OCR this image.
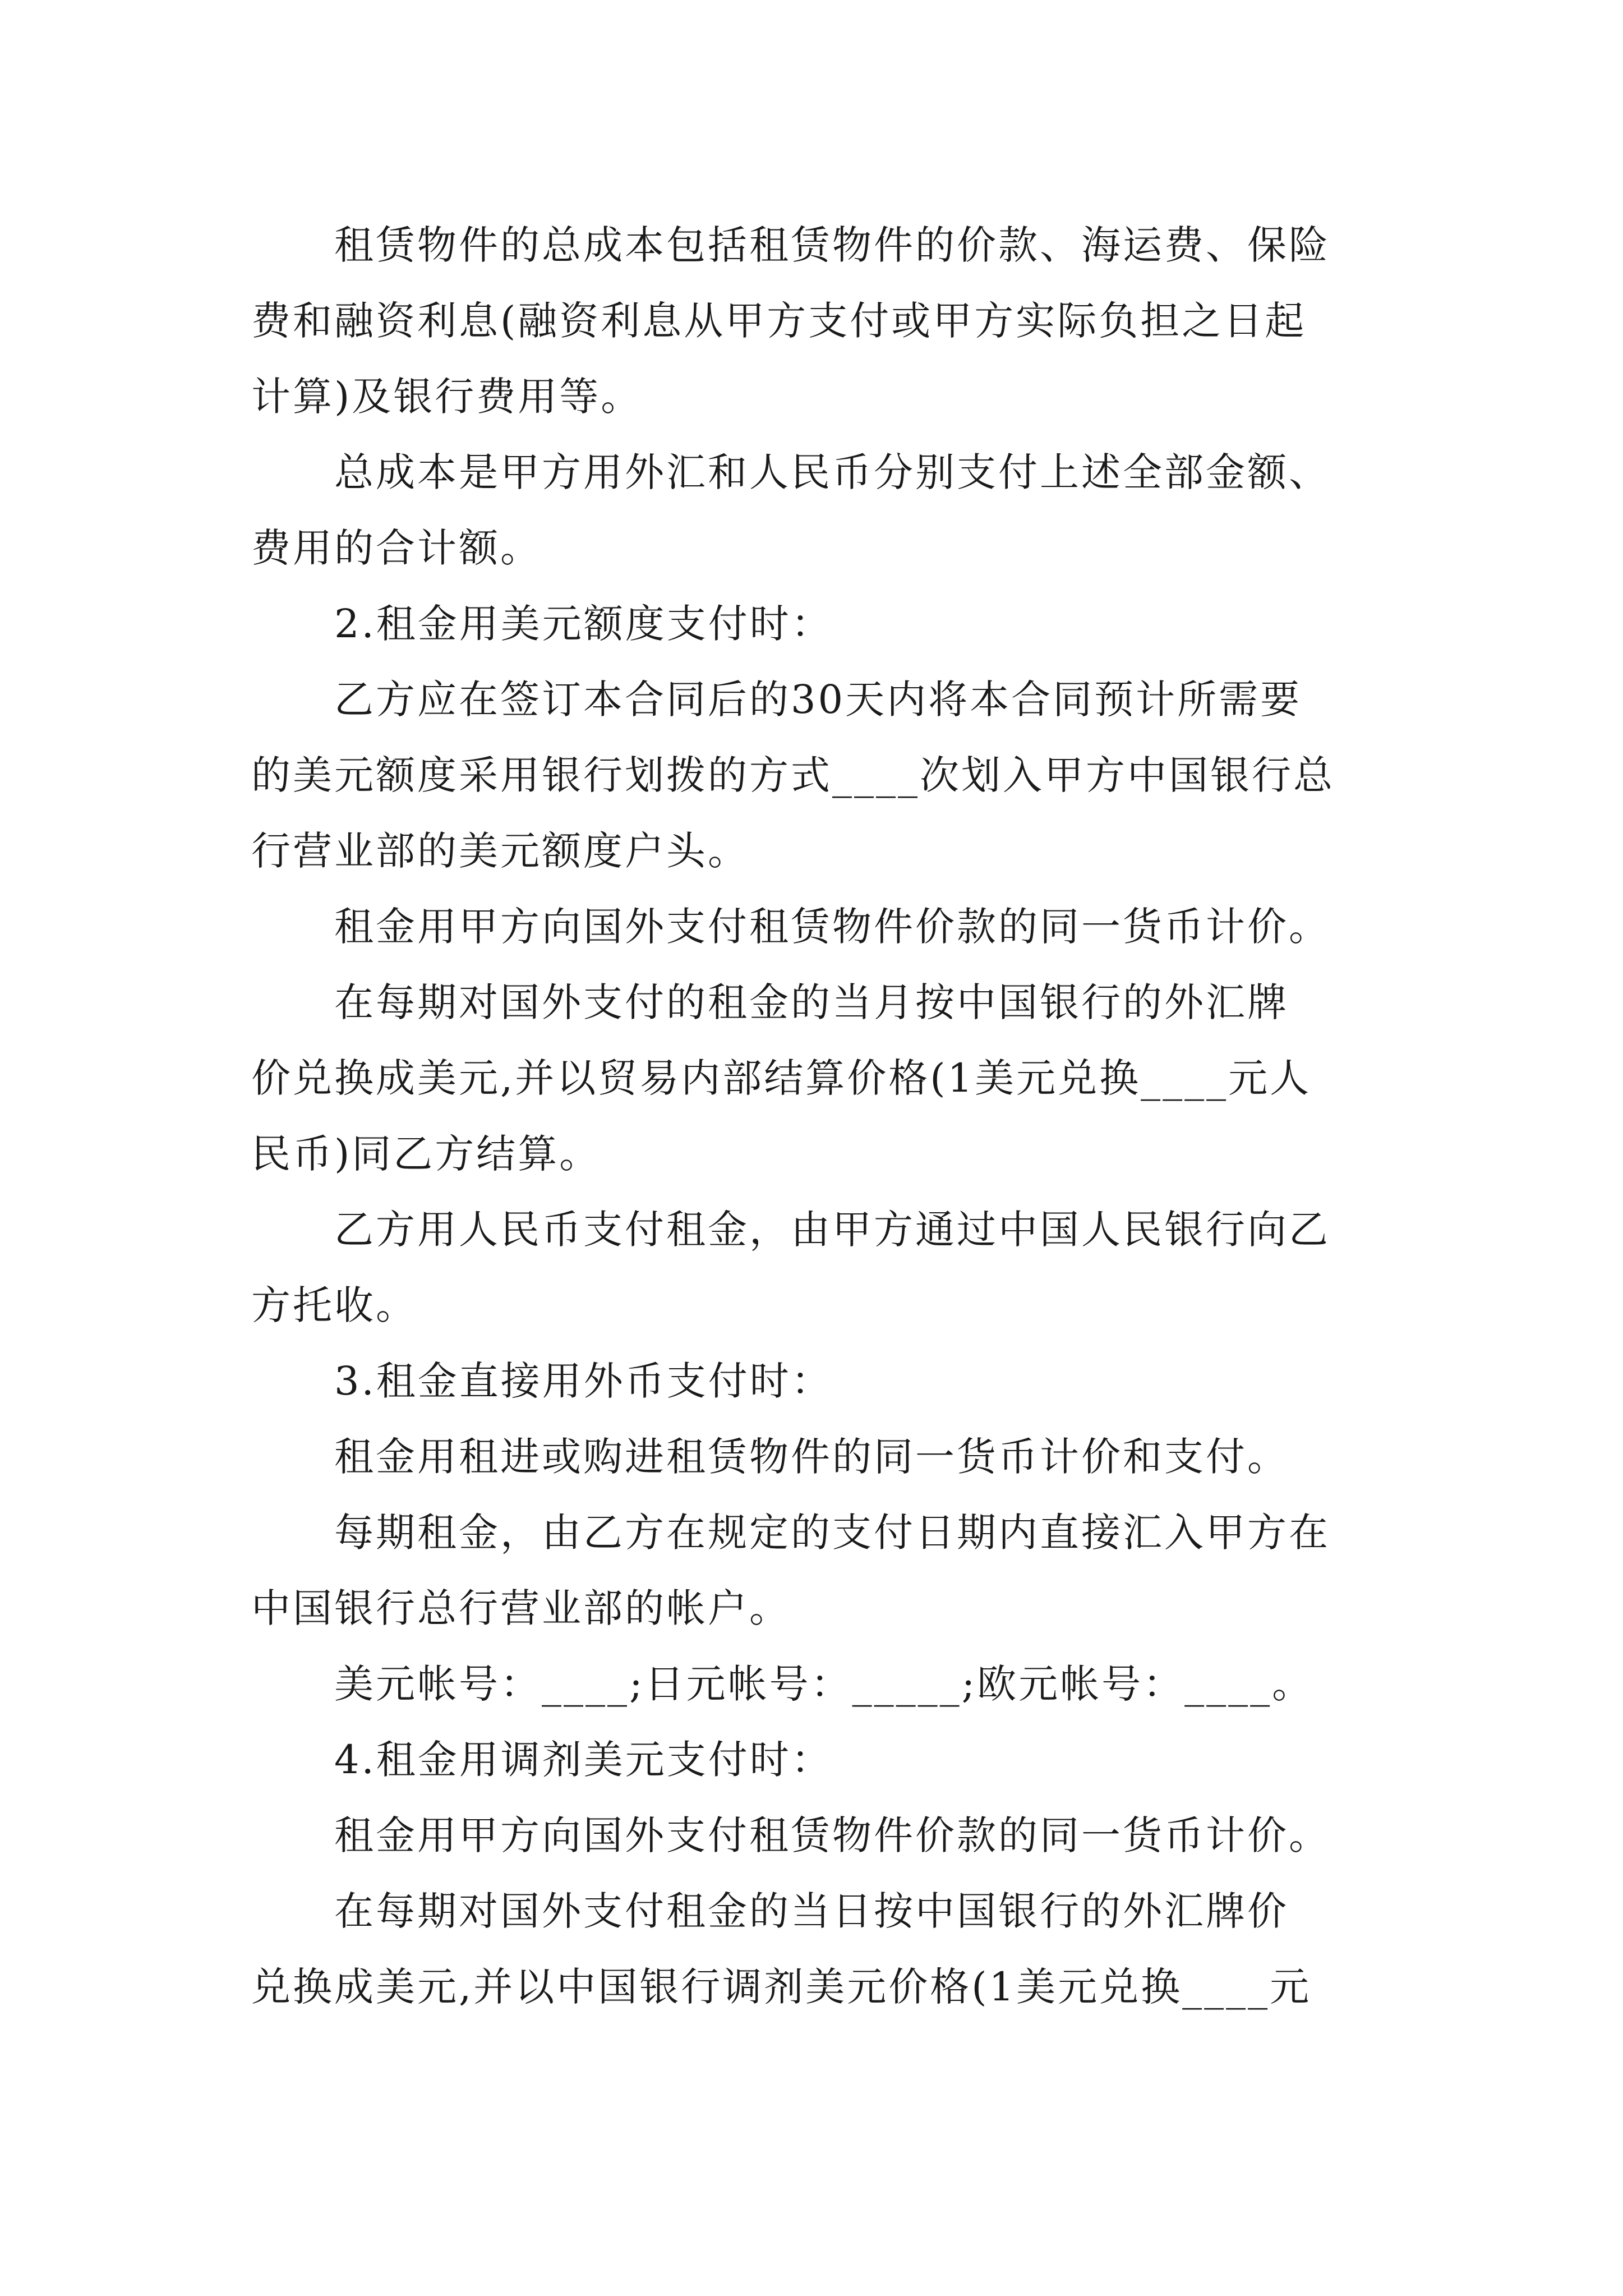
租赁物件的总成本包括租赁物件的价款、海运费、保险
费和融资利息(融资利息从甲方支付或甲方实际负担之日起
计算)及银行费用等。
总成本是甲方用外汇和人民币分别支付上述全部金额、
费用的合计额。
2.租金用美元额度支付时：
乙方应在签订本合同后的30天内将本合同预计所需要
的美元额度采用银行划拨的方式____次划入甲方中国银行总
行营业部的美元额度户头。
租金用甲方向国外支付租赁物件价款的同一货币计价。
在每期对国外支付的租金的当月按中国银行的外汇牌
价兑换成美元,并以贸易内部结算价格(1美元兑换____元人
民币)同乙方结算。
乙方用人民币支付租金，由甲方通过中国人民银行向乙
方托收。
3.租金直接用外币支付时：
租金用租进或购进租赁物件的同一货币计价和支付。
每期租金，由乙方在规定的支付日期内直接汇入甲方在
中国银行总行营业部的帐户。
美元帐号：____;日元帐号：_____;欧元帐号：____。
4.租金用调剂美元支付时：
租金用甲方向国外支付租赁物件价款的同一货币计价。
在每期对国外支付租金的当日按中国银行的外汇牌价
兑换成美元,并以中国银行调剂美元价格(1美元兑换____元
